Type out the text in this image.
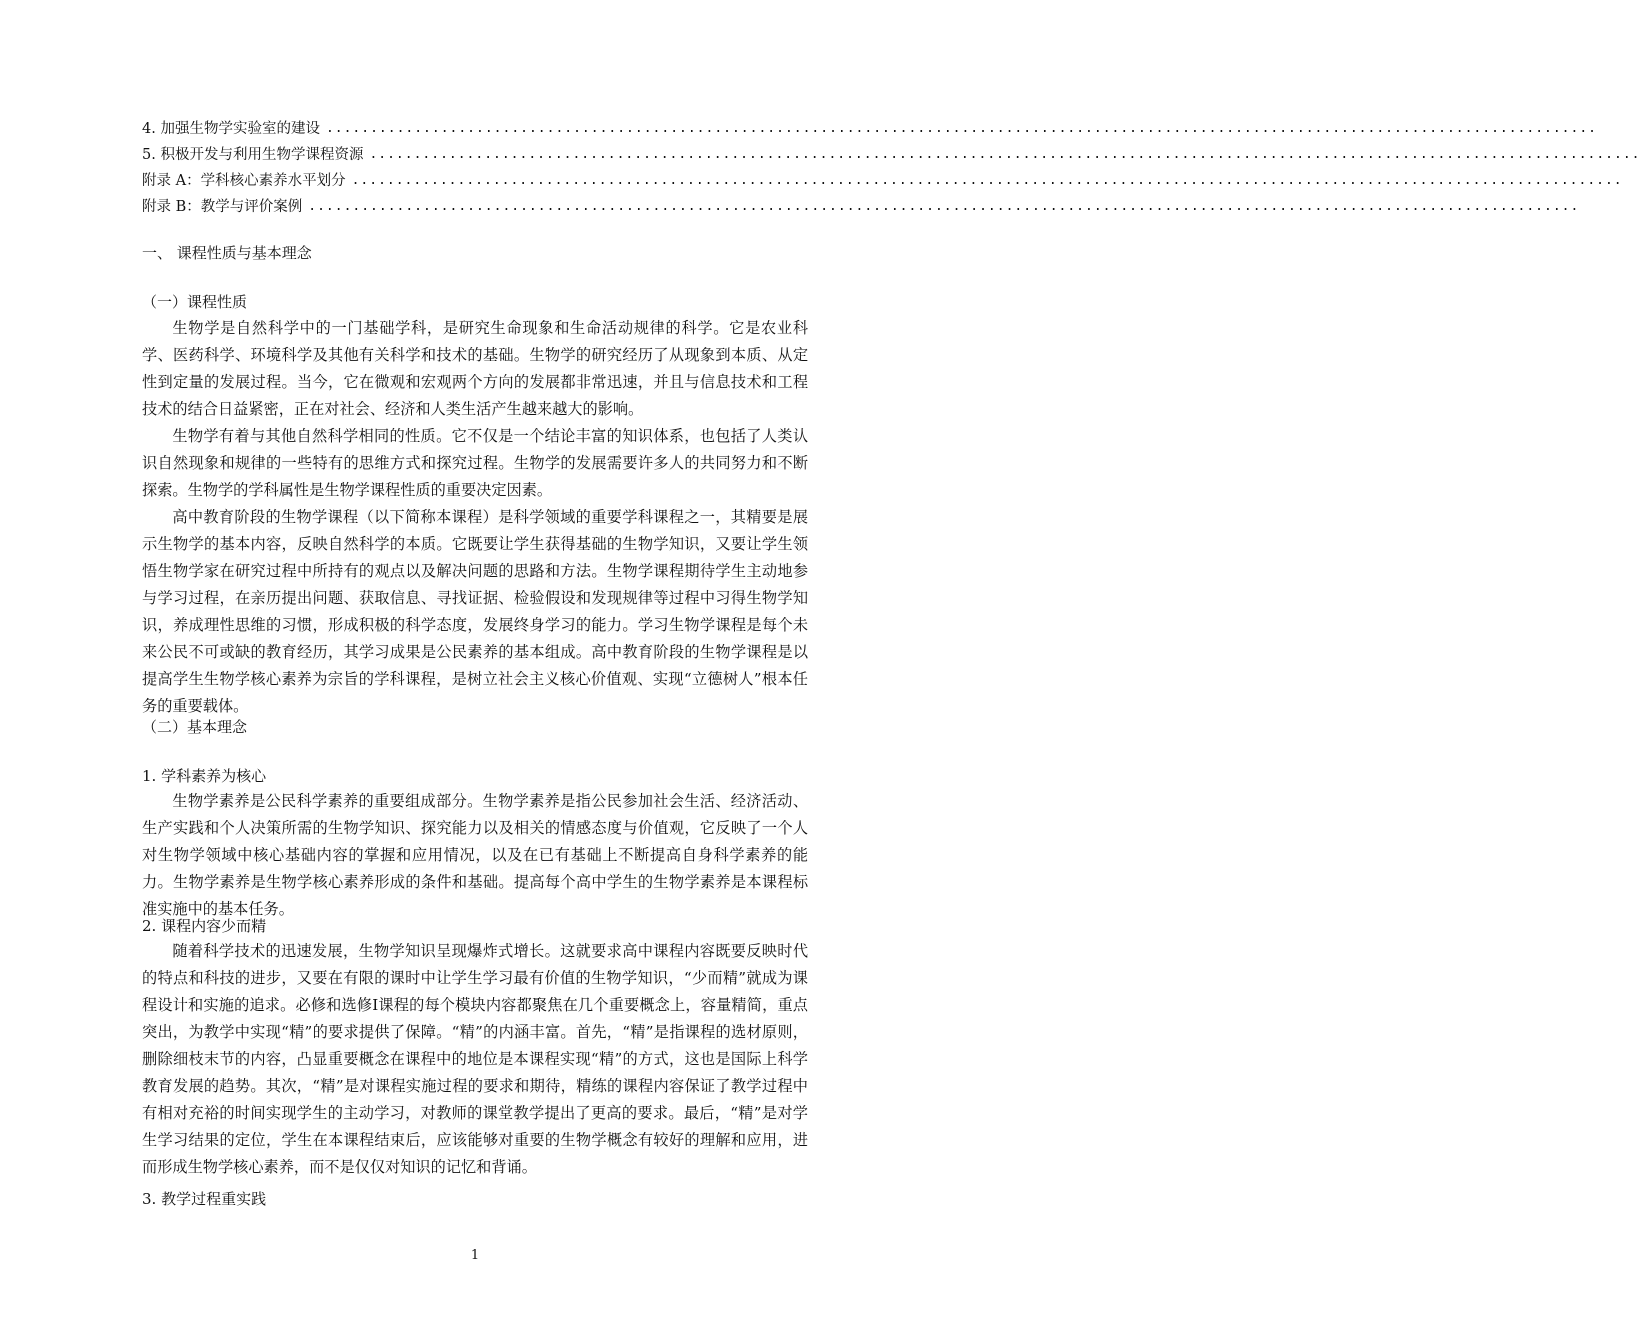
4. 加强生物学实验室的建设 ................................................................................................................................................
5. 积极开发与利用生物学课程资源 ................................................................................................................................................
附录 A：学科核心素养水平划分 ................................................................................................................................................
附录 B：教学与评价案例 ................................................................................................................................................
一、 课程性质与基本理念
（一）课程性质

生物学是自然科学中的一门基础学科，是研究生命现象和生命活动规律的科学。它是农业科学、医药科学、环境科学及其他有关科学和技术的基础。生物学的研究经历了从现象到本质、从定性到定量的发展过程。当今，它在微观和宏观两个方向的发展都非常迅速，并且与信息技术和工程技术的结合日益紧密，正在对社会、经济和人类生活产生越来越大的影响。

生物学有着与其他自然科学相同的性质。它不仅是一个结论丰富的知识体系，也包括了人类认识自然现象和规律的一些特有的思维方式和探究过程。生物学的发展需要许多人的共同努力和不断探索。生物学的学科属性是生物学课程性质的重要决定因素。

高中教育阶段的生物学课程（以下简称本课程）是科学领域的重要学科课程之一，其精要是展示生物学的基本内容，反映自然科学的本质。它既要让学生获得基础的生物学知识，又要让学生领悟生物学家在研究过程中所持有的观点以及解决问题的思路和方法。生物学课程期待学生主动地参与学习过程，在亲历提出问题、获取信息、寻找证据、检验假设和发现规律等过程中习得生物学知识，养成理性思维的习惯，形成积极的科学态度，发展终身学习的能力。学习生物学课程是每个未来公民不可或缺的教育经历，其学习成果是公民素养的基本组成。高中教育阶段的生物学课程是以提高学生生物学核心素养为宗旨的学科课程，是树立社会主义核心价值观、实现“立德树人”根本任务的重要载体。

（二）基本理念
1. 学科素养为核心

生物学素养是公民科学素养的重要组成部分。生物学素养是指公民参加社会生活、经济活动、生产实践和个人决策所需的生物学知识、探究能力以及相关的情感态度与价值观，它反映了一个人对生物学领域中核心基础内容的掌握和应用情况，以及在已有基础上不断提高自身科学素养的能力。生物学素养是生物学核心素养形成的条件和基础。提高每个高中学生的生物学素养是本课程标准实施中的基本任务。

2. 课程内容少而精

随着科学技术的迅速发展，生物学知识呈现爆炸式增长。这就要求高中课程内容既要反映时代的特点和科技的进步，又要在有限的课时中让学生学习最有价值的生物学知识，“少而精”就成为课程设计和实施的追求。必修和选修Ⅰ课程的每个模块内容都聚焦在几个重要概念上，容量精简，重点突出，为教学中实现“精”的要求提供了保障。“精”的内涵丰富。首先，“精”是指课程的选材原则，删除细枝末节的内容，凸显重要概念在课程中的地位是本课程实现“精”的方式，这也是国际上科学教育发展的趋势。其次，“精”是对课程实施过程的要求和期待，精练的课程内容保证了教学过程中有相对充裕的时间实现学生的主动学习，对教师的课堂教学提出了更高的要求。最后，“精”是对学生学习结果的定位，学生在本课程结束后，应该能够对重要的生物学概念有较好的理解和应用，进而形成生物学核心素养，而不是仅仅对知识的记忆和背诵。

3. 教学过程重实践
1
